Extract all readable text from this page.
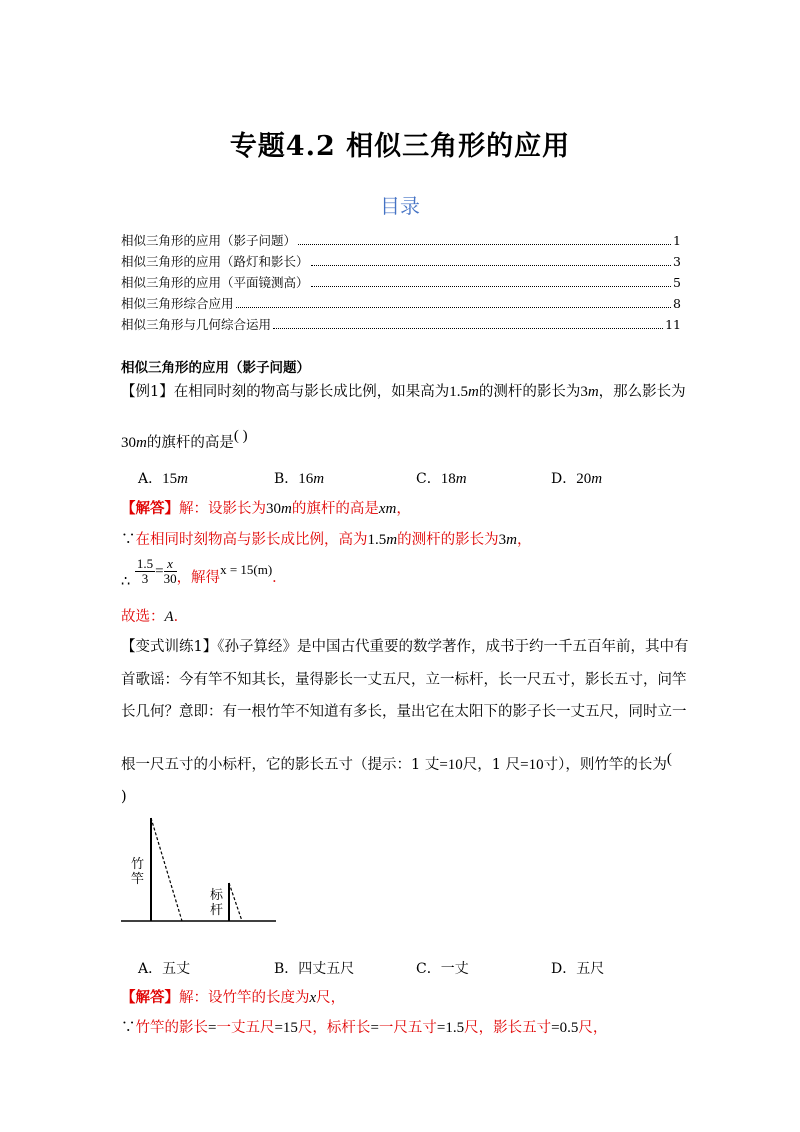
专题4.2 相似三角形的应用
目录
相似三角形的应用（影子问题）	1
相似三角形的应用（路灯和影长）	3
相似三角形的应用（平面镜测高）	5
相似三角形综合应用	8
相似三角形与几何综合运用	11
相似三角形的应用（影子问题）
【例1】在相同时刻的物高与影长成比例，如果高为1.5m的测杆的影长为3m，那么影长为
30m的旗杆的高是( )
A．15m	B．16m	C．18m	D．20m
【解答】解：设影长为30m的旗杆的高是xm，
∵在相同时刻物高与影长成比例，高为1.5m的测杆的影长为3m，
∴ $\frac{1.5}{3} = \frac{x}{30}$ ，解得x = 15(m)．
故选：A．
【变式训练1】《孙子算经》是中国古代重要的数学著作，成书于约一千五百年前，其中有
首歌谣：今有竿不知其长，量得影长一丈五尺，立一标杆，长一尺五寸，影长五寸，问竿
长几何？意即：有一根竹竿不知道有多长，量出它在太阳下的影子长一丈五尺，同时立一
根一尺五寸的小标杆，它的影长五寸（提示：1 丈=10尺，1 尺=10寸），则竹竿的长为(
)
竹
竿
标
杆
A．五丈	B．四丈五尺	C．一丈	D．五尺
【解答】解：设竹竿的长度为x尺，
∵竹竿的影长=一丈五尺=15尺，标杆长=一尺五寸=1.5尺，影长五寸=0.5尺，
